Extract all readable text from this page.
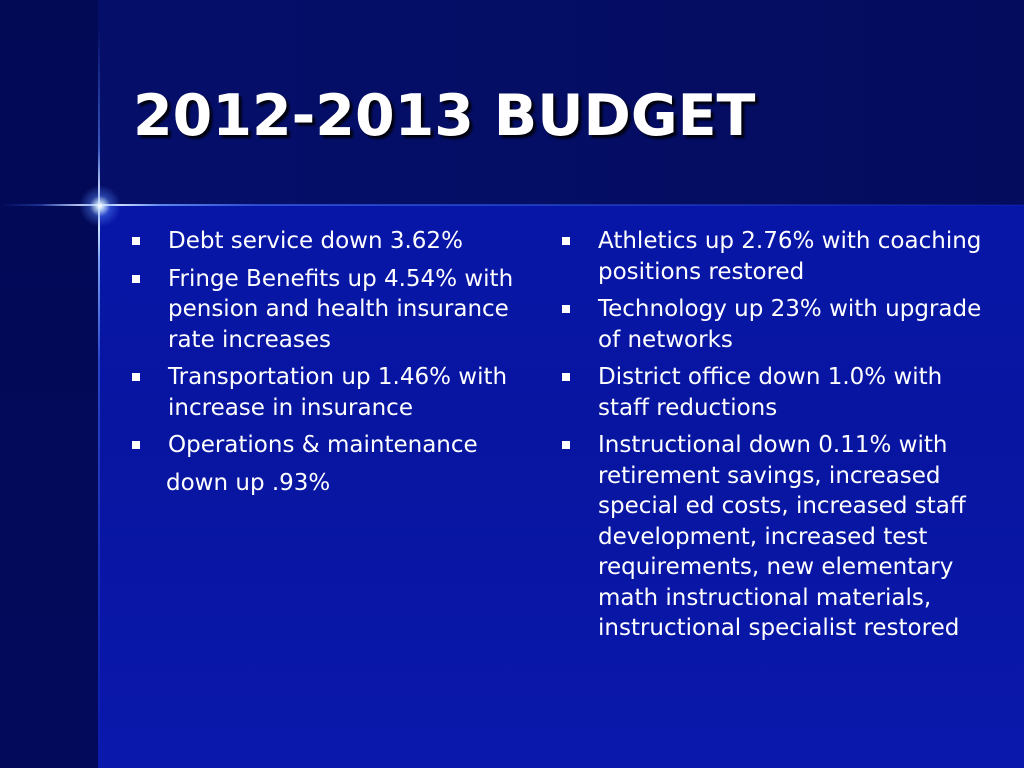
2012-2013 BUDGET
Debt service down 3.62%
Fringe Benefits up 4.54% with pension and health insurance rate increases
Transportation up 1.46% with increase in insurance
Operations & maintenance
down up .93%
Athletics up 2.76% with coaching positions restored
Technology up 23% with upgrade of networks
District office down 1.0% with staff reductions
Instructional down 0.11% with retirement savings, increased special ed costs, increased staff development, increased test requirements, new elementary math instructional materials, instructional specialist restored
